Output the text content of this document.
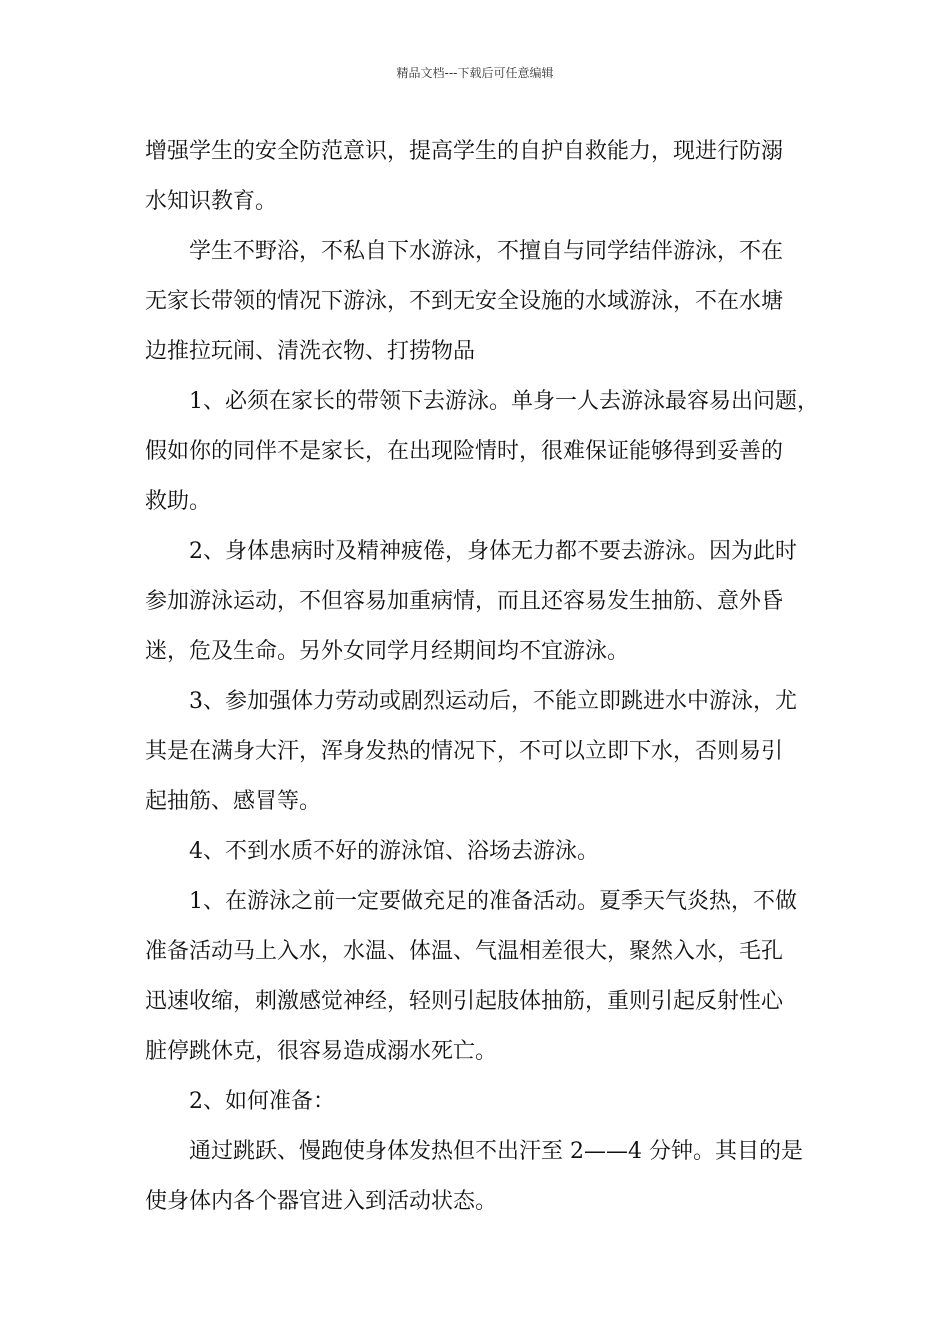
精品文档---下载后可任意编辑
增强学生的安全防范意识，提高学生的自护自救能力，现进行防溺
水知识教育。
学生不野浴，不私自下水游泳，不擅自与同学结伴游泳，不在
无家长带领的情况下游泳，不到无安全设施的水域游泳，不在水塘
边推拉玩闹、清洗衣物、打捞物品
1、必须在家长的带领下去游泳。单身一人去游泳最容易出问题，
假如你的同伴不是家长，在出现险情时，很难保证能够得到妥善的
救助。
2、身体患病时及精神疲倦，身体无力都不要去游泳。因为此时
参加游泳运动，不但容易加重病情，而且还容易发生抽筋、意外昏
迷，危及生命。另外女同学月经期间均不宜游泳。
3、参加强体力劳动或剧烈运动后，不能立即跳进水中游泳，尤
其是在满身大汗，浑身发热的情况下，不可以立即下水，否则易引
起抽筋、感冒等。
4、不到水质不好的游泳馆、浴场去游泳。
1、在游泳之前一定要做充足的准备活动。夏季天气炎热，不做
准备活动马上入水，水温、体温、气温相差很大，聚然入水，毛孔
迅速收缩，刺激感觉神经，轻则引起肢体抽筋，重则引起反射性心
脏停跳休克，很容易造成溺水死亡。
2、如何准备：
通过跳跃、慢跑使身体发热但不出汗至 2——4 分钟。其目的是
使身体内各个器官进入到活动状态。
